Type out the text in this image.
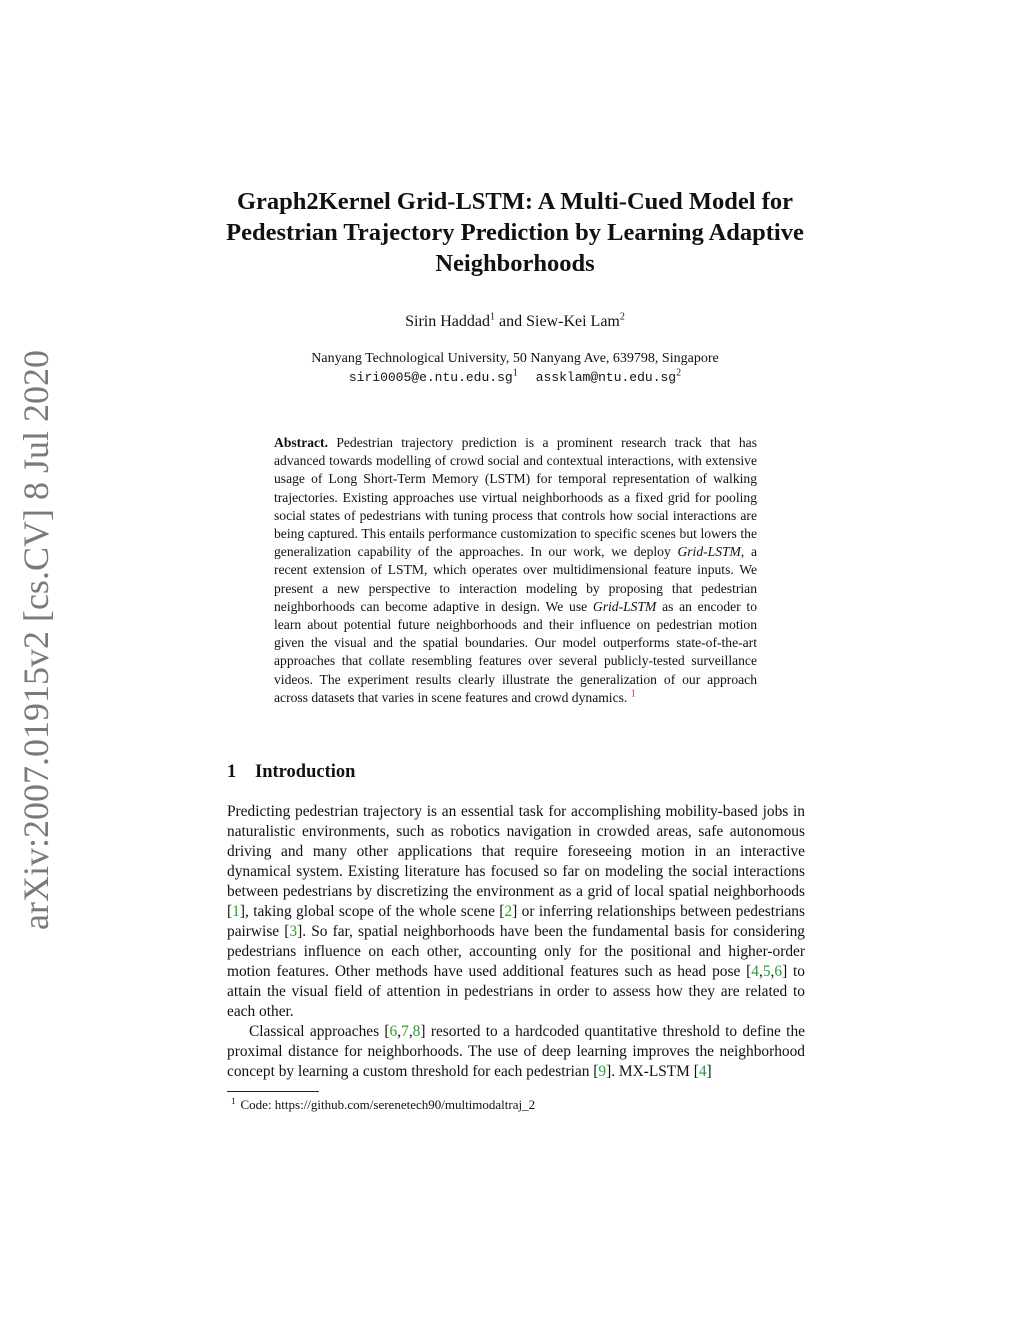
arXiv:2007.01915v2 [cs.CV] 8 Jul 2020
Graph2Kernel Grid-LSTM: A Multi-Cued Model for Pedestrian Trajectory Prediction by Learning Adaptive Neighborhoods
Sirin Haddad$^1$ and Siew-Kei Lam$^2$
Nanyang Technological University, 50 Nanyang Ave, 639798, Singapore
$siri0005@e.ntu.edu.sg^1$ $assklam@ntu.edu.sg^2$
Abstract. Pedestrian trajectory prediction is a prominent research track that has advanced towards modelling of crowd social and contextual interactions, with extensive usage of Long Short-Term Memory (LSTM) for temporal representation of walking trajectories. Existing approaches use virtual neighborhoods as a fixed grid for pooling social states of pedestrians with tuning process that controls how social interactions are being captured. This entails performance customization to specific scenes but lowers the generalization capability of the approaches. In our work, we deploy Grid-LSTM, a recent extension of LSTM, which operates over multidimensional feature inputs. We present a new perspective to interaction modeling by proposing that pedestrian neighborhoods can become adaptive in design. We use Grid-LSTM as an encoder to learn about potential future neighborhoods and their influence on pedestrian motion given the visual and the spatial boundaries. Our model outperforms state-of-the-art approaches that collate resembling features over several publicly-tested surveillance videos. The experiment results clearly illustrate the generalization of our approach across datasets that varies in scene features and crowd dynamics. $^1$
1 Introduction

Predicting pedestrian trajectory is an essential task for accomplishing mobility-based jobs in naturalistic environments, such as robotics navigation in crowded areas, safe autonomous driving and many other applications that require foreseeing motion in an interactive dynamical system. Existing literature has focused so far on modeling the social interactions between pedestrians by discretizing the environment as a grid of local spatial neighborhoods [1], taking global scope of the whole scene [2] or inferring relationships between pedestrians pairwise [3]. So far, spatial neighborhoods have been the fundamental basis for considering pedestrians influence on each other, accounting only for the positional and higher-order motion features. Other methods have used additional features such as head pose [4,5,6] to attain the visual field of attention in pedestrians in order to assess how they are related to each other.

Classical approaches [6,7,8] resorted to a hardcoded quantitative threshold to define the proximal distance for neighborhoods. The use of deep learning improves the neighborhood concept by learning a custom threshold for each pedestrian [9]. MX-LSTM [4]

$^1$ Code: https://github.com/serenetech90/multimodaltraj_2
